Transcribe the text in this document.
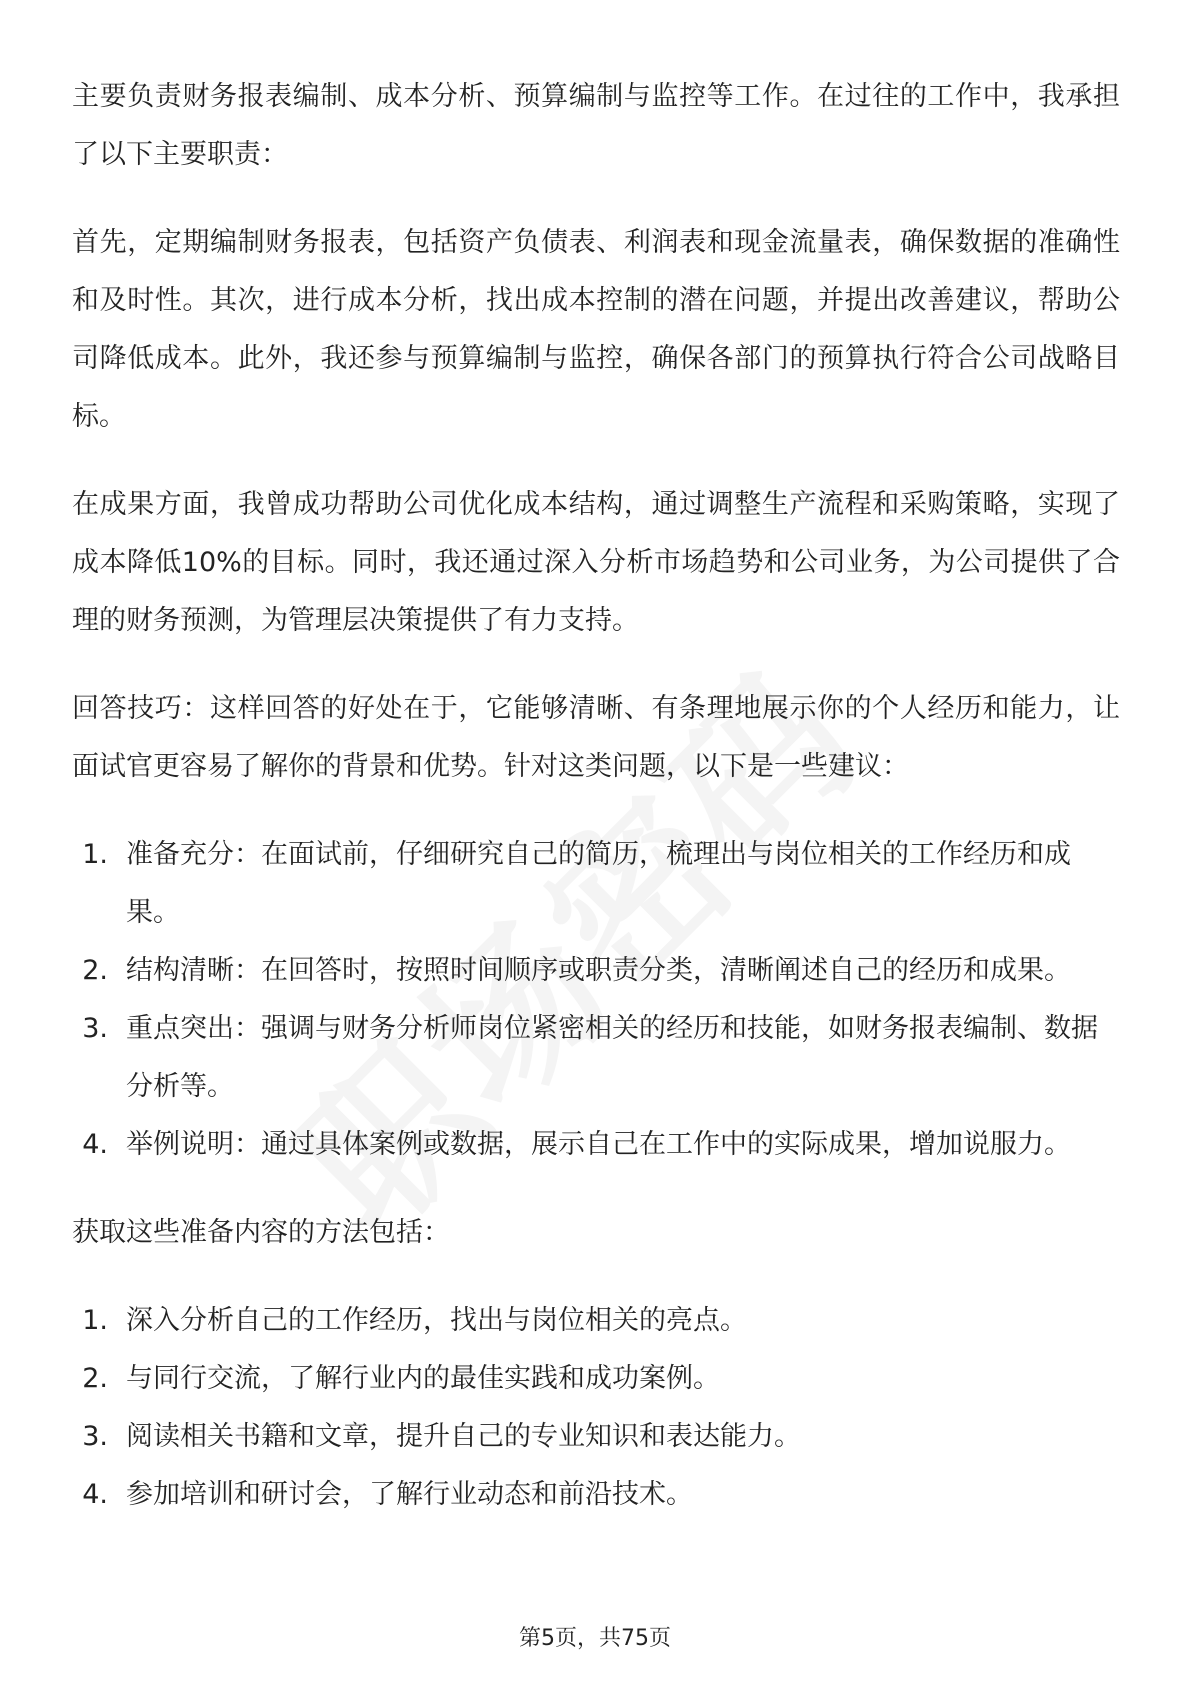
主要负责财务报表编制、成本分析、预算编制与监控等工作。在过往的工作中，我承担了以下主要职责：

首先，定期编制财务报表，包括资产负债表、利润表和现金流量表，确保数据的准确性和及时性。其次，进行成本分析，找出成本控制的潜在问题，并提出改善建议，帮助公司降低成本。此外，我还参与预算编制与监控，确保各部门的预算执行符合公司战略目标。

在成果方面，我曾成功帮助公司优化成本结构，通过调整生产流程和采购策略，实现了成本降低10%的目标。同时，我还通过深入分析市场趋势和公司业务，为公司提供了合理的财务预测，为管理层决策提供了有力支持。

回答技巧：这样回答的好处在于，它能够清晰、有条理地展示你的个人经历和能力，让面试官更容易了解你的背景和优势。针对这类问题，以下是一些建议：

1. 准备充分：在面试前，仔细研究自己的简历，梳理出与岗位相关的工作经历和成果。
2. 结构清晰：在回答时，按照时间顺序或职责分类，清晰阐述自己的经历和成果。
3. 重点突出：强调与财务分析师岗位紧密相关的经历和技能，如财务报表编制、数据分析等。
4. 举例说明：通过具体案例或数据，展示自己在工作中的实际成果，增加说服力。

获取这些准备内容的方法包括：

1. 深入分析自己的工作经历，找出与岗位相关的亮点。
2. 与同行交流，了解行业内的最佳实践和成功案例。
3. 阅读相关书籍和文章，提升自己的专业知识和表达能力。
4. 参加培训和研讨会，了解行业动态和前沿技术。
第5页，共75页
